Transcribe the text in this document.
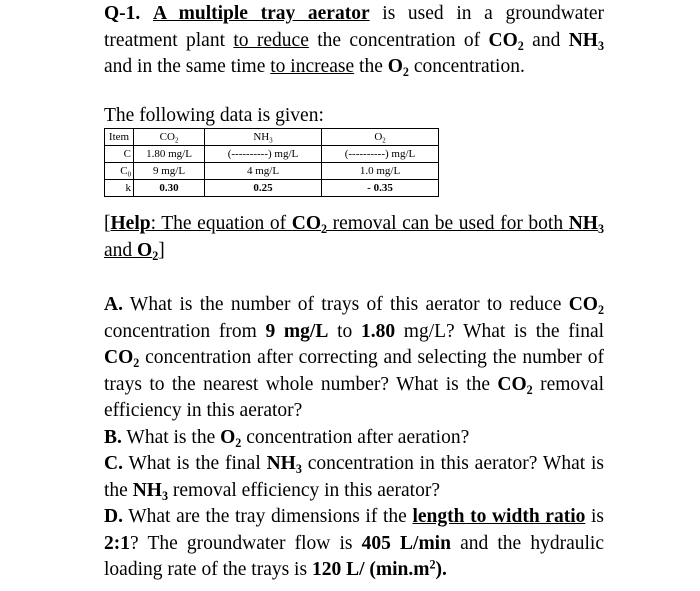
Q-1. A multiple tray aerator is used in a groundwater treatment plant to reduce the concentration of $CO_2$ and $NH_3$ and in the same time to increase the $O_2$ concentration.

The following data is given:
Item	$CO_2$	$NH_3$	$O_2$
C	1.80 mg/L	(----------) mg/L	(----------) mg/L
$C_0$	9 mg/L	4 mg/L	1.0 mg/L
k	0.30	0.25	- 0.35

[Help: The equation of $CO_2$ removal can be used for both $NH_3$ and $O_2$]

A. What is the number of trays of this aerator to reduce $CO_2$ concentration from 9 mg/L to 1.80 mg/L? What is the final $CO_2$ concentration after correcting and selecting the number of trays to the nearest whole number? What is the $CO_2$ removal efficiency in this aerator?

B. What is the $O_2$ concentration after aeration?

C. What is the final $NH_3$ concentration in this aerator? What is the $NH_3$ removal efficiency in this aerator?

D. What are the tray dimensions if the length to width ratio is 2:1? The groundwater flow is 405 L/min and the hydraulic loading rate of the trays is 120 L/ $(\min.m^2)$.
